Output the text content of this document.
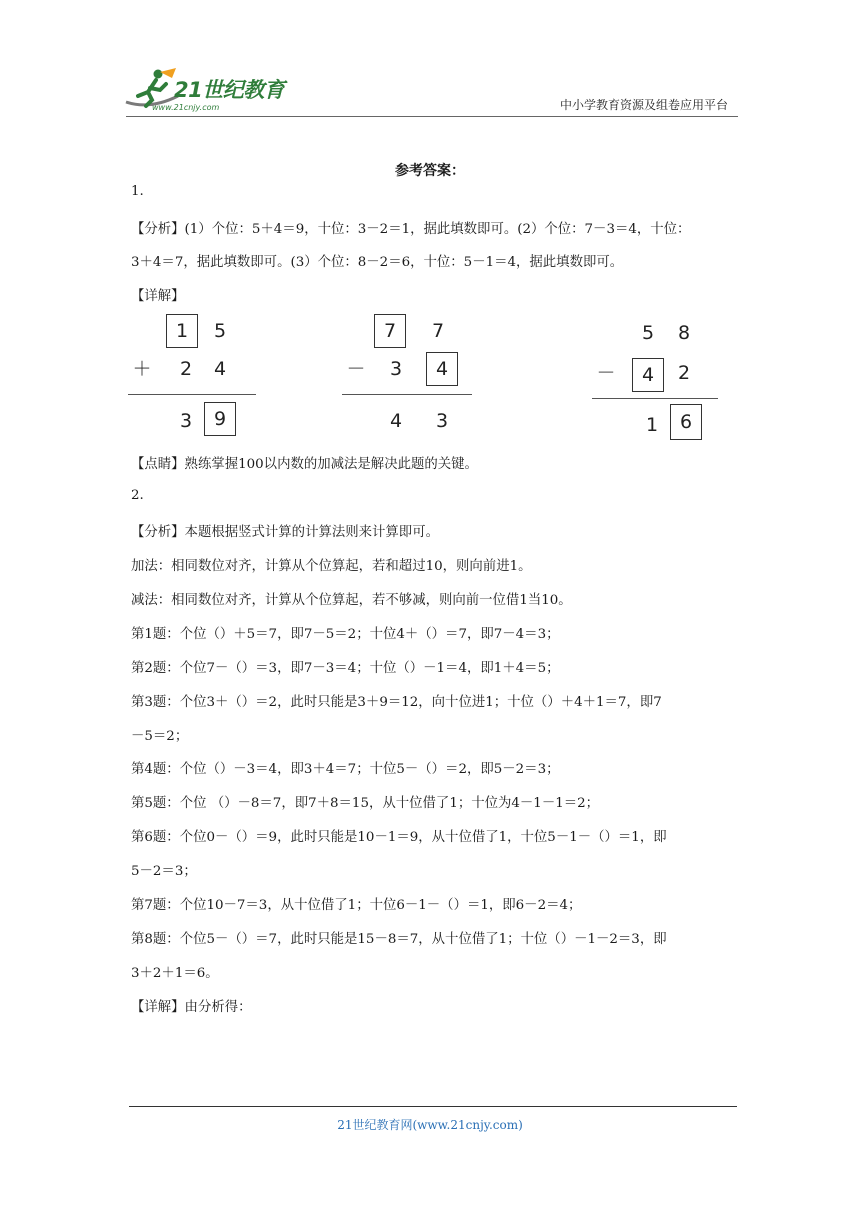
21世纪教育
www.21cnjy.com	中小学教育资源及组卷应用平台
参考答案：
1.
【分析】(1）个位：5＋4＝9，十位：3－2＝1，据此填数即可。(2）个位：7－3＝4，十位：
3＋4＝7，据此填数即可。(3）个位：8－2＝6，十位：5－1＝4，据此填数即可。
【详解】
1 5
＋ 2 4
3 9
7 7
－ 3 4
4 3
5 8
－ 4 2
1 6
【点睛】熟练掌握100以内数的加减法是解决此题的关键。
2.
【分析】本题根据竖式计算的计算法则来计算即可。
加法：相同数位对齐，计算从个位算起，若和超过10，则向前进1。
减法：相同数位对齐，计算从个位算起，若不够减，则向前一位借1当10。
第1题：个位（）＋5＝7，即7－5＝2；十位4＋（）＝7，即7－4＝3；
第2题：个位7－（）＝3，即7－3＝4；十位（）－1＝4，即1＋4＝5；
第3题：个位3＋（）＝2，此时只能是3＋9＝12，向十位进1；十位（）＋4＋1＝7，即7
－5＝2；
第4题：个位（）－3＝4，即3＋4＝7；十位5－（）＝2，即5－2＝3；
第5题：个位 （）－8＝7，即7＋8＝15，从十位借了1；十位为4－1－1＝2；
第6题：个位0－（）＝9，此时只能是10－1＝9，从十位借了1，十位5－1－（）＝1，即
5－2＝3；
第7题：个位10－7＝3，从十位借了1；十位6－1－（）＝1，即6－2＝4；
第8题：个位5－（）＝7，此时只能是15－8＝7，从十位借了1；十位（）－1－2＝3，即
3＋2＋1＝6。
【详解】由分析得：
21世纪教育网(www.21cnjy.com)
